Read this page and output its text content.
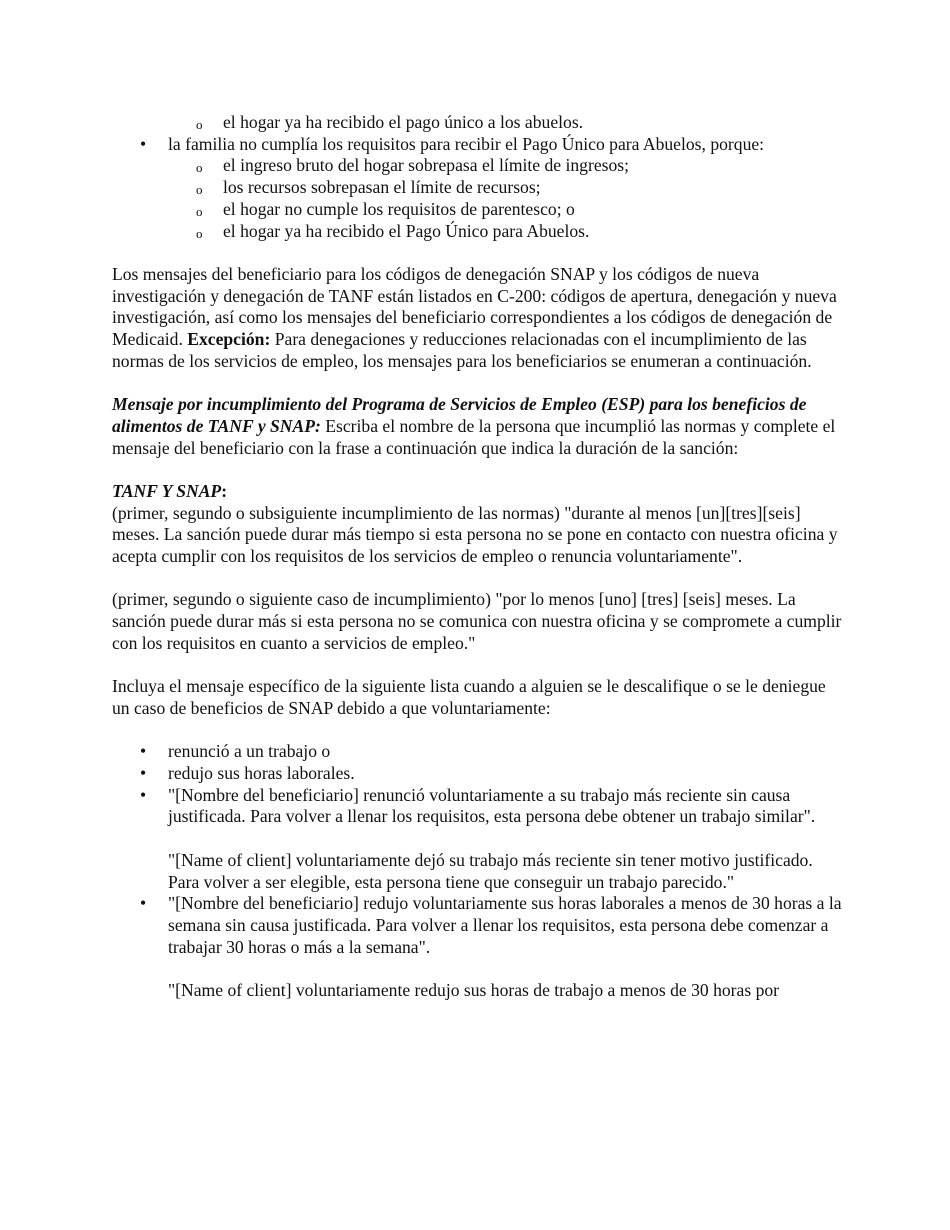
o el hogar ya ha recibido el pago único a los abuelos.
• la familia no cumplía los requisitos para recibir el Pago Único para Abuelos, porque:
o el ingreso bruto del hogar sobrepasa el límite de ingresos;
o los recursos sobrepasan el límite de recursos;
o el hogar no cumple los requisitos de parentesco; o
o el hogar ya ha recibido el Pago Único para Abuelos.

Los mensajes del beneficiario para los códigos de denegación SNAP y los códigos de nueva investigación y denegación de TANF están listados en C-200: códigos de apertura, denegación y nueva investigación, así como los mensajes del beneficiario correspondientes a los códigos de denegación de Medicaid. Excepción: Para denegaciones y reducciones relacionadas con el incumplimiento de las normas de los servicios de empleo, los mensajes para los beneficiarios se enumeran a continuación.

Mensaje por incumplimiento del Programa de Servicios de Empleo (ESP) para los beneficios de alimentos de TANF y SNAP: Escriba el nombre de la persona que incumplió las normas y complete el mensaje del beneficiario con la frase a continuación que indica la duración de la sanción:

TANF Y SNAP:

(primer, segundo o subsiguiente incumplimiento de las normas) "durante al menos [un][tres][seis] meses. La sanción puede durar más tiempo si esta persona no se pone en contacto con nuestra oficina y acepta cumplir con los requisitos de los servicios de empleo o renuncia voluntariamente".

(primer, segundo o siguiente caso de incumplimiento) "por lo menos [uno] [tres] [seis] meses. La sanción puede durar más si esta persona no se comunica con nuestra oficina y se compromete a cumplir con los requisitos en cuanto a servicios de empleo."

Incluya el mensaje específico de la siguiente lista cuando a alguien se le descalifique o se le deniegue un caso de beneficios de SNAP debido a que voluntariamente:

• renunció a un trabajo o
• redujo sus horas laborales.

• "[Nombre del beneficiario] renunció voluntariamente a su trabajo más reciente sin causa justificada. Para volver a llenar los requisitos, esta persona debe obtener un trabajo similar".

"[Name of client] voluntariamente dejó su trabajo más reciente sin tener motivo justificado. Para volver a ser elegible, esta persona tiene que conseguir un trabajo parecido."

• "[Nombre del beneficiario] redujo voluntariamente sus horas laborales a menos de 30 horas a la semana sin causa justificada. Para volver a llenar los requisitos, esta persona debe comenzar a trabajar 30 horas o más a la semana".

"[Name of client] voluntariamente redujo sus horas de trabajo a menos de 30 horas por
